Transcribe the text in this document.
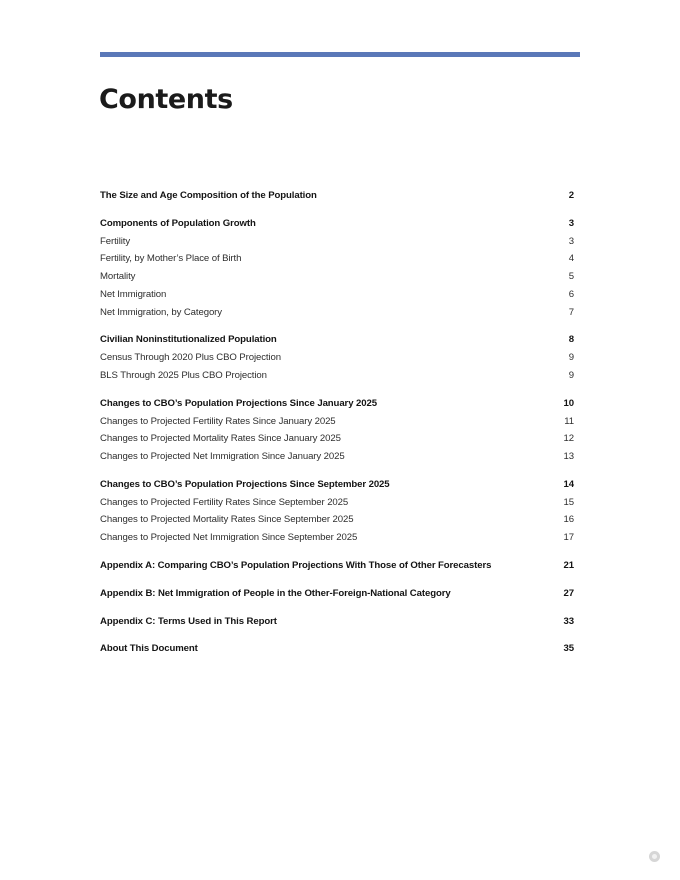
Contents
The Size and Age Composition of the Population	2
Components of Population Growth	3
Fertility	3
Fertility, by Mother’s Place of Birth	4
Mortality	5
Net Immigration	6
Net Immigration, by Category	7
Civilian Noninstitutionalized Population	8
Census Through 2020 Plus CBO Projection	9
BLS Through 2025 Plus CBO Projection	9
Changes to CBO’s Population Projections Since January 2025	10
Changes to Projected Fertility Rates Since January 2025	11
Changes to Projected Mortality Rates Since January 2025	12
Changes to Projected Net Immigration Since January 2025	13
Changes to CBO’s Population Projections Since September 2025	14
Changes to Projected Fertility Rates Since September 2025	15
Changes to Projected Mortality Rates Since September 2025	16
Changes to Projected Net Immigration Since September 2025	17
Appendix A: Comparing CBO’s Population Projections With Those of Other Forecasters	21
Appendix B: Net Immigration of People in the Other-Foreign-National Category	27
Appendix C: Terms Used in This Report	33
About This Document	35
